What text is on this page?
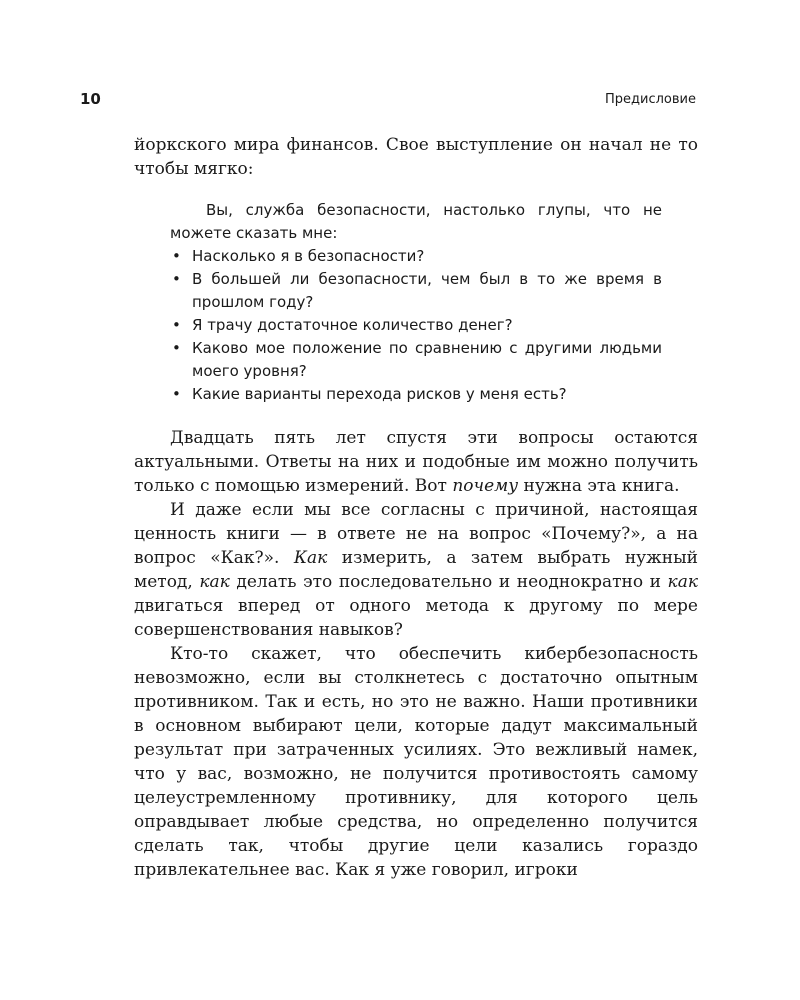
10	Предисловие

йоркского мира финансов. Свое выступление он начал не то чтобы мягко:

Вы, служба безопасности, настолько глупы, что не можете сказать мне:

• Насколько я в безопасности?
• В большей ли безопасности, чем был в то же время в прошлом году?
• Я трачу достаточное количество денег?
• Каково мое положение по сравнению с другими людьми моего уровня?
• Какие варианты перехода рисков у меня есть?

Двадцать пять лет спустя эти вопросы остаются актуальными. Ответы на них и подобные им можно получить только с помощью измерений. Вот почему нужна эта книга.

И даже если мы все согласны с причиной, настоящая ценность книги — в ответе не на вопрос «Почему?», а на вопрос «Как?». Как измерить, а затем выбрать нужный метод, как делать это последовательно и неоднократно и как двигаться вперед от одного метода к другому по мере совершенствования навыков?

Кто-то скажет, что обеспечить кибербезопасность невозможно, если вы столкнетесь с достаточно опытным противником. Так и есть, но это не важно. Наши противники в основном выбирают цели, которые дадут максимальный результат при затраченных усилиях. Это вежливый намек, что у вас, возможно, не получится противостоять самому целеустремленному противнику, для которого цель оправдывает любые средства, но определенно получится сделать так, чтобы другие цели казались гораздо привлекательнее вас. Как я уже говорил, игроки
